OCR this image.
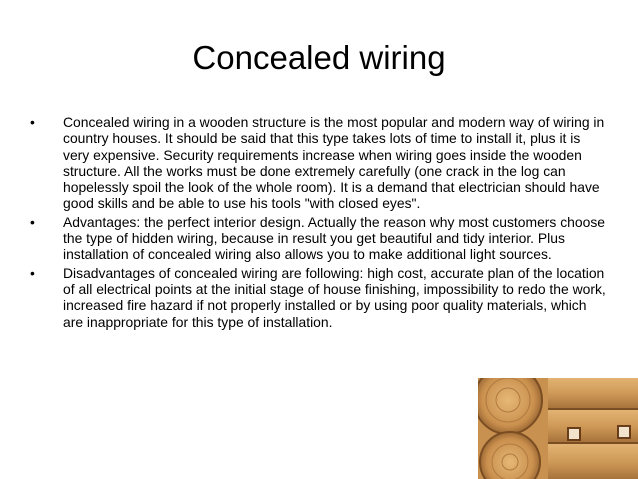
Concealed wiring
•	Concealed wiring in a wooden structure is the most popular and modern way of wiring in country houses. It should be said that this type takes lots of time to install it, plus it is very expensive. Security requirements increase when wiring goes inside the wooden structure. All the works must be done extremely carefully (one crack in the log can hopelessly spoil the look of the whole room). It is a demand that electrician should have good skills and be able to use his tools "with closed eyes".
•	Advantages: the perfect interior design. Actually the reason why most customers choose the type of hidden wiring, because in result you get beautiful and tidy interior. Plus installation of concealed wiring also allows you to make additional light sources.
•	Disadvantages of concealed wiring are following: high cost, accurate plan of the location of all electrical points at the initial stage of house finishing, impossibility to redo the work, increased fire hazard if not properly installed or by using poor quality materials, which are inappropriate for this type of installation.
